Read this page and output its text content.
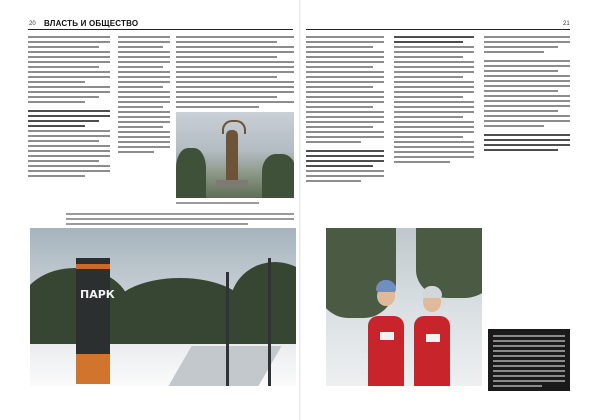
20 ВЛАСТЬ И ОБЩЕСТВО	21
ПАРК
